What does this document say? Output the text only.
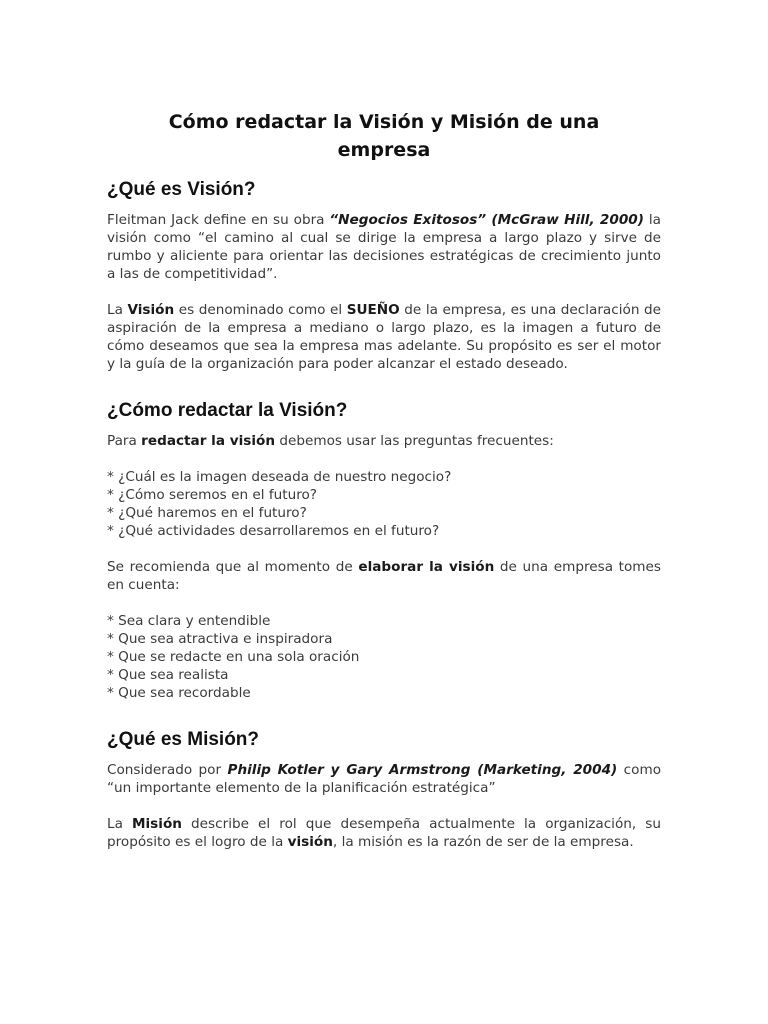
Cómo redactar la Visión y Misión de una empresa
¿Qué es Visión?

Fleitman Jack define en su obra “Negocios Exitosos” (McGraw Hill, 2000) la visión como “el camino al cual se dirige la empresa a largo plazo y sirve de rumbo y aliciente para orientar las decisiones estratégicas de crecimiento junto a las de competitividad”.

La Visión es denominado como el SUEÑO de la empresa, es una declaración de aspiración de la empresa a mediano o largo plazo, es la imagen a futuro de cómo deseamos que sea la empresa mas adelante. Su propósito es ser el motor y la guía de la organización para poder alcanzar el estado deseado.

¿Cómo redactar la Visión?

Para redactar la visión debemos usar las preguntas frecuentes:

* ¿Cuál es la imagen deseada de nuestro negocio?
* ¿Cómo seremos en el futuro?
* ¿Qué haremos en el futuro?
* ¿Qué actividades desarrollaremos en el futuro?

Se recomienda que al momento de elaborar la visión de una empresa tomes en cuenta:

* Sea clara y entendible
* Que sea atractiva e inspiradora
* Que se redacte en una sola oración
* Que sea realista
* Que sea recordable
¿Qué es Misión?

Considerado por Philip Kotler y Gary Armstrong (Marketing, 2004) como “un importante elemento de la planificación estratégica”

La Misión describe el rol que desempeña actualmente la organización, su propósito es el logro de la visión, la misión es la razón de ser de la empresa.
